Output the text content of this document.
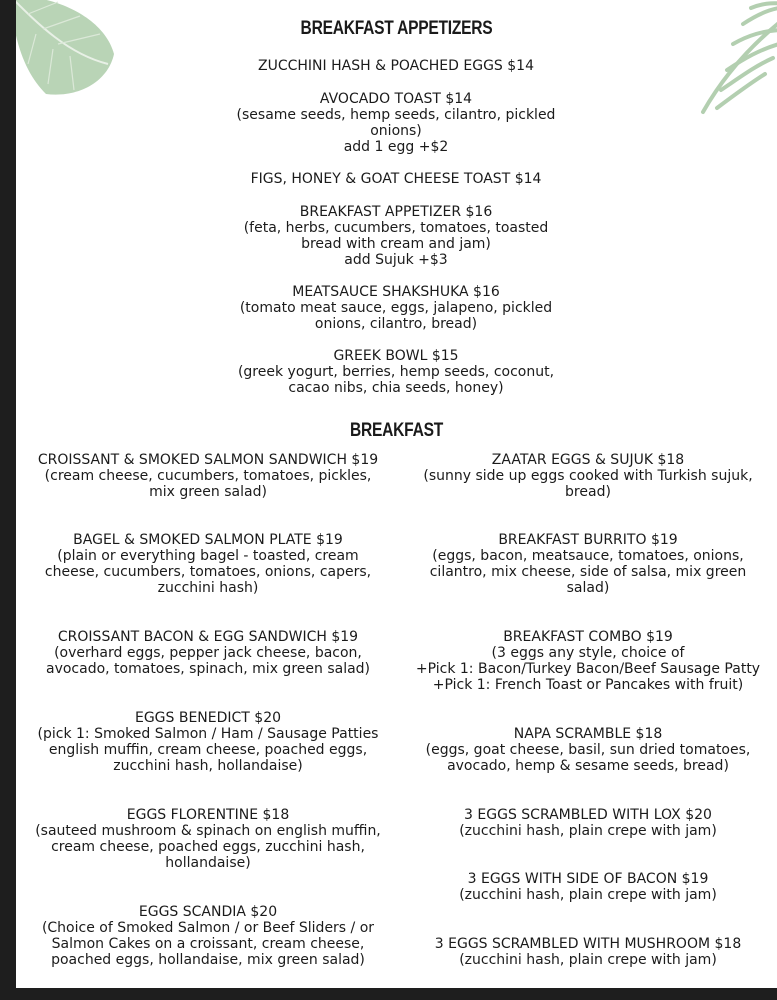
BREAKFAST APPETIZERS
ZUCCHINI HASH & POACHED EGGS $14
AVOCADO TOAST $14
(sesame seeds, hemp seeds, cilantro, pickled
onions)
add 1 egg +$2
FIGS, HONEY & GOAT CHEESE TOAST $14
BREAKFAST APPETIZER $16
(feta, herbs, cucumbers, tomatoes, toasted
bread with cream and jam)
add Sujuk +$3
MEATSAUCE SHAKSHUKA $16
(tomato meat sauce, eggs, jalapeno, pickled
onions, cilantro, bread)
GREEK BOWL $15
(greek yogurt, berries, hemp seeds, coconut,
cacao nibs, chia seeds, honey)
BREAKFAST
CROISSANT & SMOKED SALMON SANDWICH $19
(cream cheese, cucumbers, tomatoes, pickles,
mix green salad)
BAGEL & SMOKED SALMON PLATE $19
(plain or everything bagel - toasted, cream
cheese, cucumbers, tomatoes, onions, capers,
zucchini hash)
CROISSANT BACON & EGG SANDWICH $19
(overhard eggs, pepper jack cheese, bacon,
avocado, tomatoes, spinach, mix green salad)
EGGS BENEDICT $20
(pick 1: Smoked Salmon / Ham / Sausage Patties
english muffin, cream cheese, poached eggs,
zucchini hash, hollandaise)
EGGS FLORENTINE $18
(sauteed mushroom & spinach on english muffin,
cream cheese, poached eggs, zucchini hash,
hollandaise)
EGGS SCANDIA $20
(Choice of Smoked Salmon / or Beef Sliders / or
Salmon Cakes on a croissant, cream cheese,
poached eggs, hollandaise, mix green salad)
ZAATAR EGGS & SUJUK $18
(sunny side up eggs cooked with Turkish sujuk,
bread)
BREAKFAST BURRITO $19
(eggs, bacon, meatsauce, tomatoes, onions,
cilantro, mix cheese, side of salsa, mix green
salad)
BREAKFAST COMBO $19
(3 eggs any style, choice of
+Pick 1: Bacon/Turkey Bacon/Beef Sausage Patty
+Pick 1: French Toast or Pancakes with fruit)
NAPA SCRAMBLE $18
(eggs, goat cheese, basil, sun dried tomatoes,
avocado, hemp & sesame seeds, bread)
3 EGGS SCRAMBLED WITH LOX $20
(zucchini hash, plain crepe with jam)
3 EGGS WITH SIDE OF BACON $19
(zucchini hash, plain crepe with jam)
3 EGGS SCRAMBLED WITH MUSHROOM $18
(zucchini hash, plain crepe with jam)
